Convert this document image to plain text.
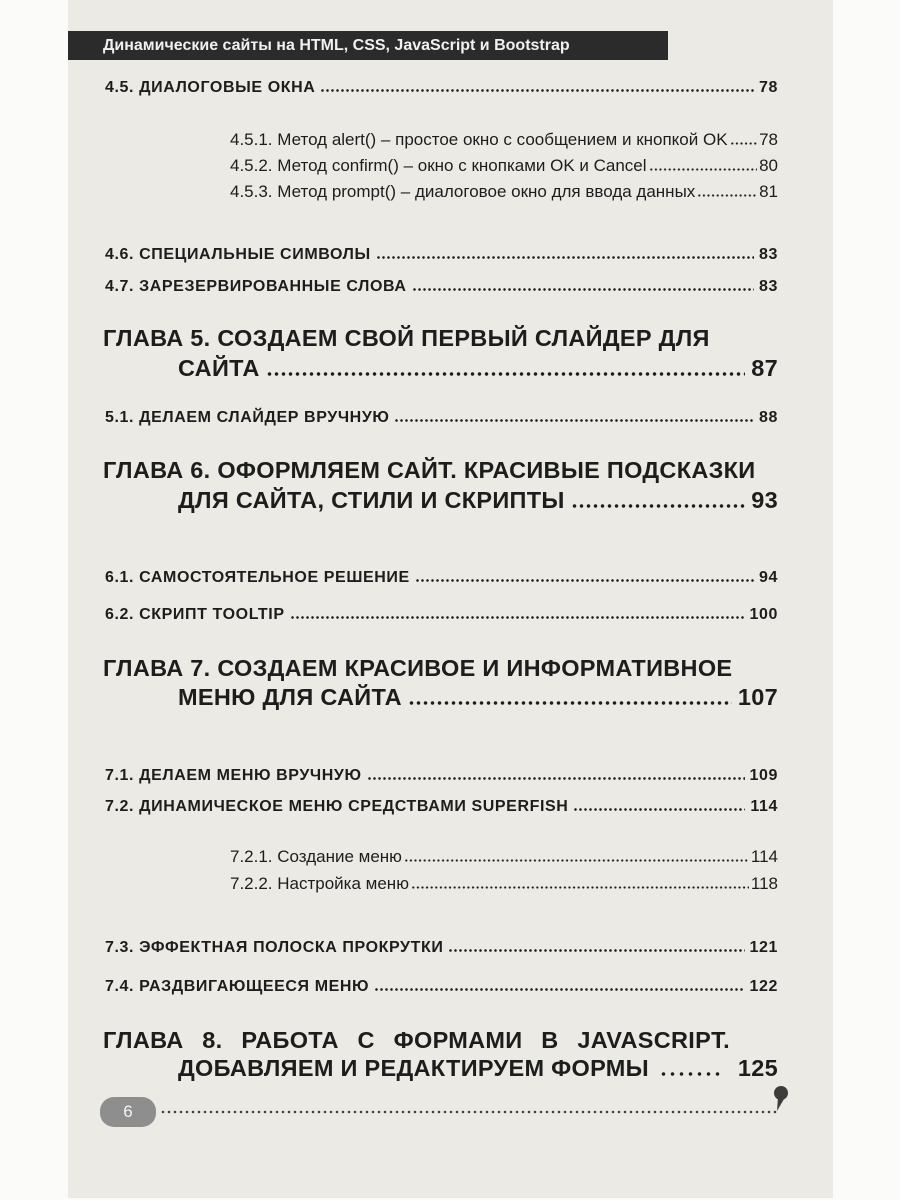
Динамические сайты на HTML, CSS, JavaScript и Bootstrap
4.5. ДИАЛОГОВЫЕ ОКНА	78
4.5.1. Метод alert() – простое окно с сообщением и кнопкой OK 78
4.5.2. Метод confirm() – окно с кнопками OK и Cancel	80
4.5.3. Метод prompt() – диалоговое окно для ввода данных	81
4.6. СПЕЦИАЛЬНЫЕ СИМВОЛЫ	83
4.7. ЗАРЕЗЕРВИРОВАННЫЕ СЛОВА	83
ГЛАВА 5. СОЗДАЕМ СВОЙ ПЕРВЫЙ СЛАЙДЕР ДЛЯ
САЙТА	87
5.1. ДЕЛАЕМ СЛАЙДЕР ВРУЧНУЮ	88
ГЛАВА 6. ОФОРМЛЯЕМ САЙТ. КРАСИВЫЕ ПОДСКАЗКИ
ДЛЯ САЙТА, СТИЛИ И СКРИПТЫ	93
6.1. САМОСТОЯТЕЛЬНОЕ РЕШЕНИЕ	94
6.2. СКРИПТ TOOLTIP	100
ГЛАВА 7. СОЗДАЕМ КРАСИВОЕ И ИНФОРМАТИВНОЕ
МЕНЮ ДЛЯ САЙТА	107
7.1. ДЕЛАЕМ МЕНЮ ВРУЧНУЮ	109
7.2. ДИНАМИЧЕСКОЕ МЕНЮ СРЕДСТВАМИ SUPERFISH	114
7.2.1. Создание меню	114
7.2.2. Настройка меню	118
7.3. ЭФФЕКТНАЯ ПОЛОСКА ПРОКРУТКИ	121
7.4. РАЗДВИГАЮЩЕЕСЯ МЕНЮ	122
ГЛАВА 8. РАБОТА С ФОРМАМИ В JAVASCRIPT.
ДОБАВЛЯЕМ И РЕДАКТИРУЕМ ФОРМЫ	125
6
